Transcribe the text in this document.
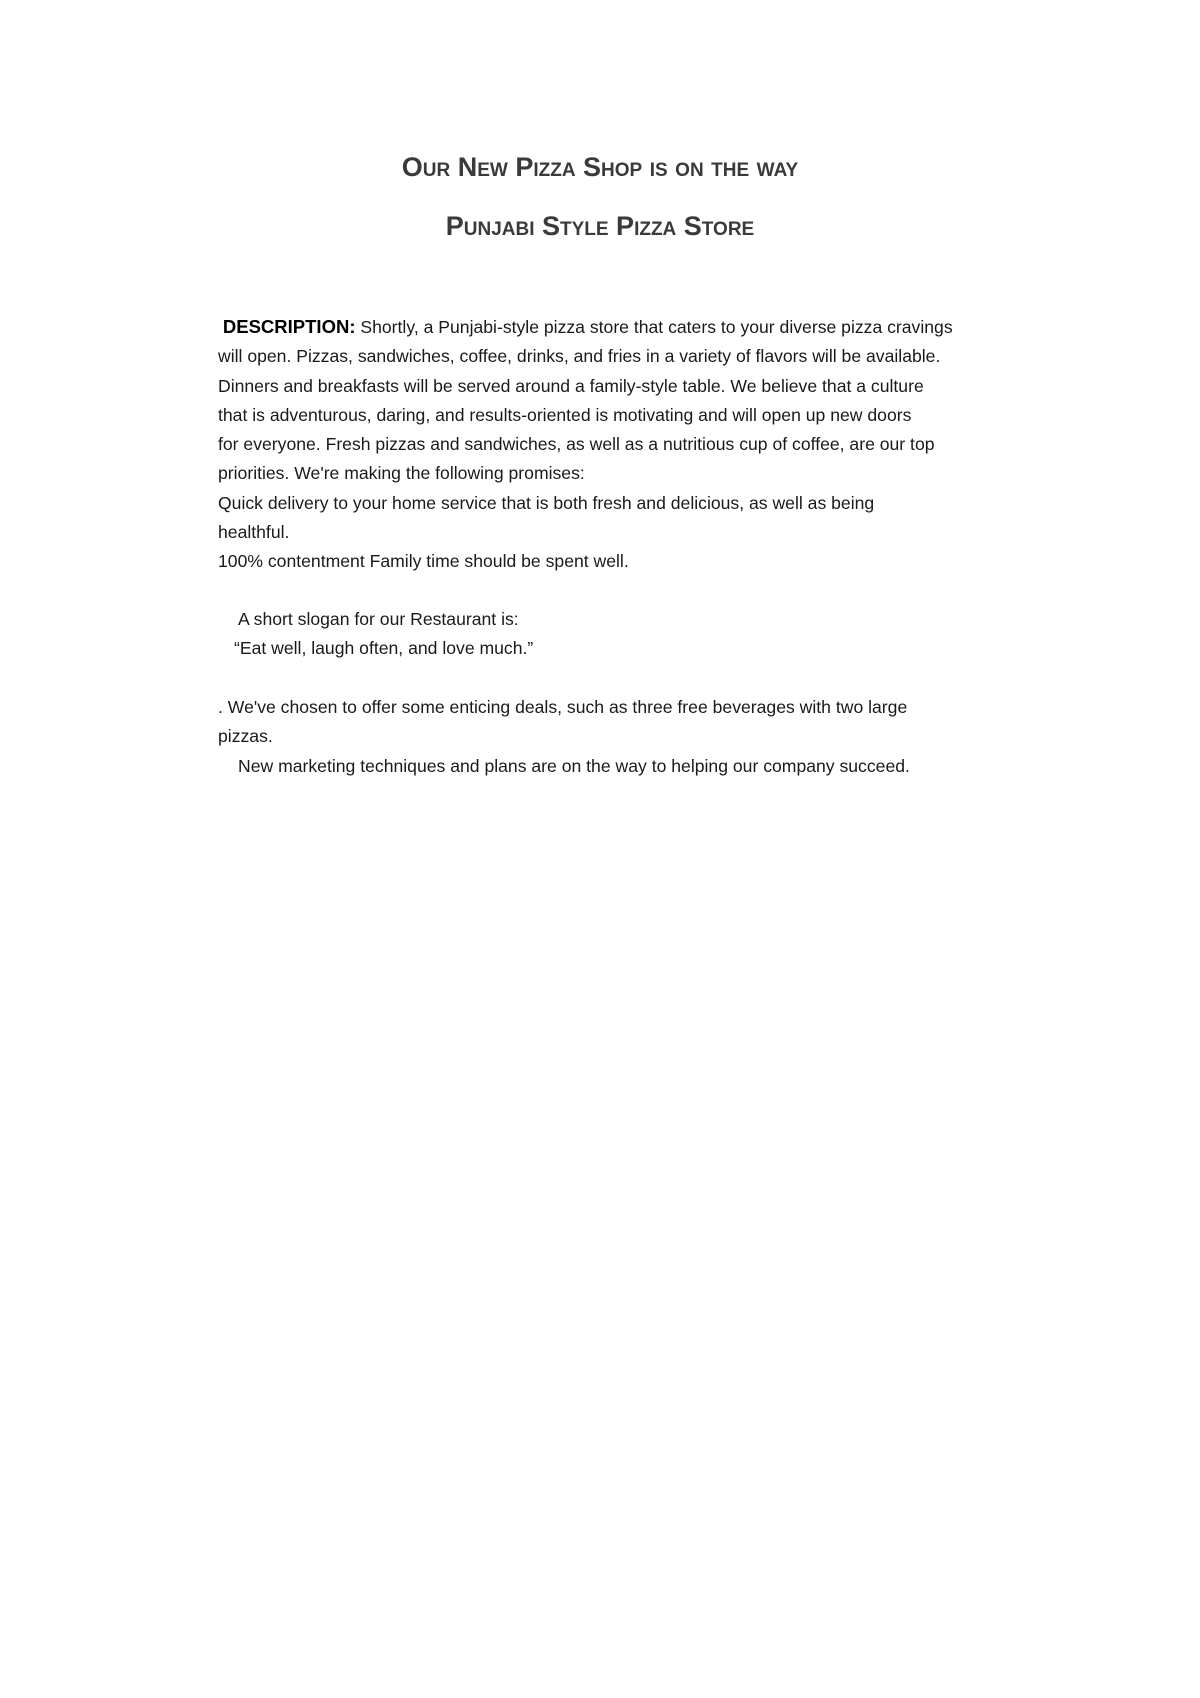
Our New Pizza Shop is on the way
Punjabi Style Pizza Store

DESCRIPTION: Shortly, a Punjabi-style pizza store that caters to your diverse pizza cravings

will open. Pizzas, sandwiches, coffee, drinks, and fries in a variety of flavors will be available.

Dinners and breakfasts will be served around a family-style table. We believe that a culture

that is adventurous, daring, and results-oriented is motivating and will open up new doors

for everyone. Fresh pizzas and sandwiches, as well as a nutritious cup of coffee, are our top

priorities. We're making the following promises:

Quick delivery to your home service that is both fresh and delicious, as well as being

healthful.

100% contentment Family time should be spent well.

A short slogan for our Restaurant is:

“Eat well, laugh often, and love much.”

. We've chosen to offer some enticing deals, such as three free beverages with two large

pizzas.

New marketing techniques and plans are on the way to helping our company succeed.
